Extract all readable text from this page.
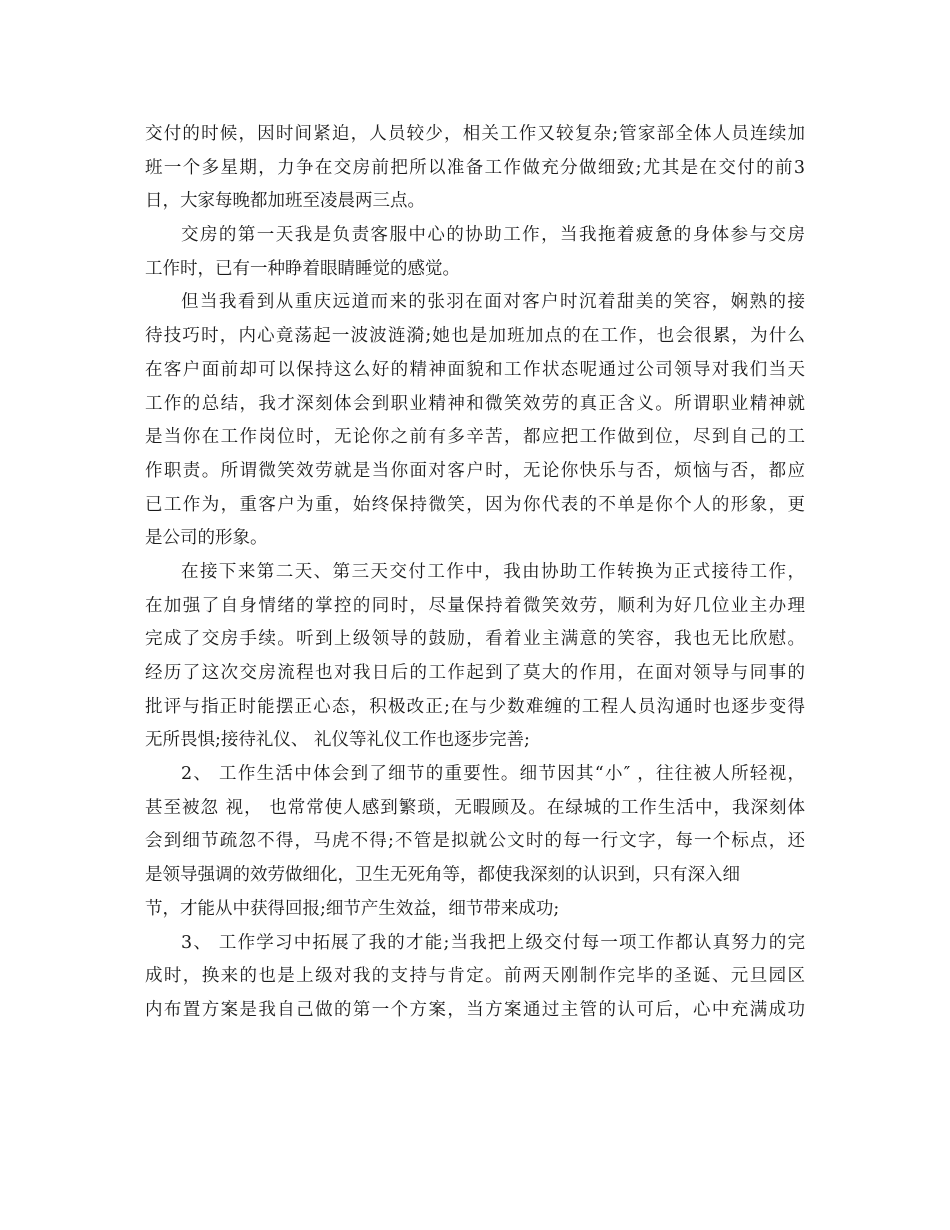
交付的时候，因时间紧迫，人员较少，相关工作又较复杂;管家部全体人员连续加
班一个多星期，力争在交房前把所以准备工作做充分做细致;尤其是在交付的前3
日，大家每晚都加班至凌晨两三点。
交房的第一天我是负责客服中心的协助工作，当我拖着疲惫的身体参与交房
工作时，已有一种睁着眼睛睡觉的感觉。
但当我看到从重庆远道而来的张羽在面对客户时沉着甜美的笑容，娴熟的接
待技巧时，内心竟荡起一波波涟漪;她也是加班加点的在工作，也会很累，为什么
在客户面前却可以保持这么好的精神面貌和工作状态呢通过公司领导对我们当天
工作的总结，我才深刻体会到职业精神和微笑效劳的真正含义。所谓职业精神就
是当你在工作岗位时，无论你之前有多辛苦，都应把工作做到位，尽到自己的工
作职责。所谓微笑效劳就是当你面对客户时，无论你快乐与否，烦恼与否，都应
已工作为，重客户为重，始终保持微笑，因为你代表的不单是你个人的形象，更
是公司的形象。
在接下来第二天、第三天交付工作中，我由协助工作转换为正式接待工作，
在加强了自身情绪的掌控的同时，尽量保持着微笑效劳，顺利为好几位业主办理
完成了交房手续。听到上级领导的鼓励，看着业主满意的笑容，我也无比欣慰。
经历了这次交房流程也对我日后的工作起到了莫大的作用，在面对领导与同事的
批评与指正时能摆正心态，积极改正;在与少数难缠的工程人员沟通时也逐步变得
无所畏惧;接待礼仪、 礼仪等礼仪工作也逐步完善;
2、 工作生活中体会到了细节的重要性。细节因其“小″ ，往往被人所轻视，
甚至被忽 视， 也常常使人感到繁琐，无暇顾及。在绿城的工作生活中，我深刻体
会到细节疏忽不得，马虎不得;不管是拟就公文时的每一行文字，每一个标点，还
是领导强调的效劳做细化，卫生无死角等，都使我深刻的认识到，只有深入细
节，才能从中获得回报;细节产生效益，细节带来成功;
3、 工作学习中拓展了我的才能;当我把上级交付每一项工作都认真努力的完
成时，换来的也是上级对我的支持与肯定。前两天刚制作完毕的圣诞、元旦园区
内布置方案是我自己做的第一个方案，当方案通过主管的认可后，心中充满成功
